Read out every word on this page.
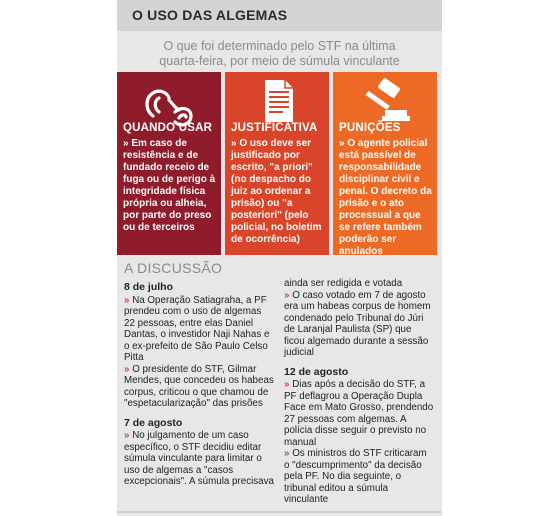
O USO DAS ALGEMAS
O que foi determinado pelo STF na última
quarta-feira, por meio de súmula vinculante
QUANDO USAR
» Em caso de resistência e de fundado receio de fuga ou de perigo à integridade física própria ou alheia, por parte do preso ou de terceiros
JUSTIFICATIVA
» O uso deve ser justificado por escrito, "a priori" (no despacho do juiz ao ordenar a prisão) ou "a posteriori" (pelo policial, no boletim de ocorrência)
PUNIÇÕES
» O agente policial está passível de responsabilidade disciplinar civil e penal. O decreto da prisão e o ato processual a que se refere também poderão ser anulados
A DISCUSSÃO
8 de julho
» Na Operação Satiagraha, a PF prendeu com o uso de algemas 22 pessoas, entre elas Daniel Dantas, o investidor Naji Nahas e o ex-prefeito de São Paulo Celso Pitta
» O presidente do STF, Gilmar Mendes, que concedeu os habeas corpus, criticou o que chamou de "espetacularização" das prisões
7 de agosto
» No julgamento de um caso específico, o STF decidiu editar súmula vinculante para limitar o uso de algemas a "casos excepcionais". A súmula precisava
ainda ser redigida e votada
» O caso votado em 7 de agosto era um habeas corpus de homem condenado pelo Tribunal do Júri de Laranjal Paulista (SP) que ficou algemado durante a sessão judicial
12 de agosto
» Dias após a decisão do STF, a PF deflagrou a Operação Dupla Face em Mato Grosso, prendendo 27 pessoas com algemas. A polícia disse seguir o previsto no manual
» Os ministros do STF criticaram o "descumprimento" da decisão pela PF. No dia seguinte, o tribunal editou a súmula vinculante
